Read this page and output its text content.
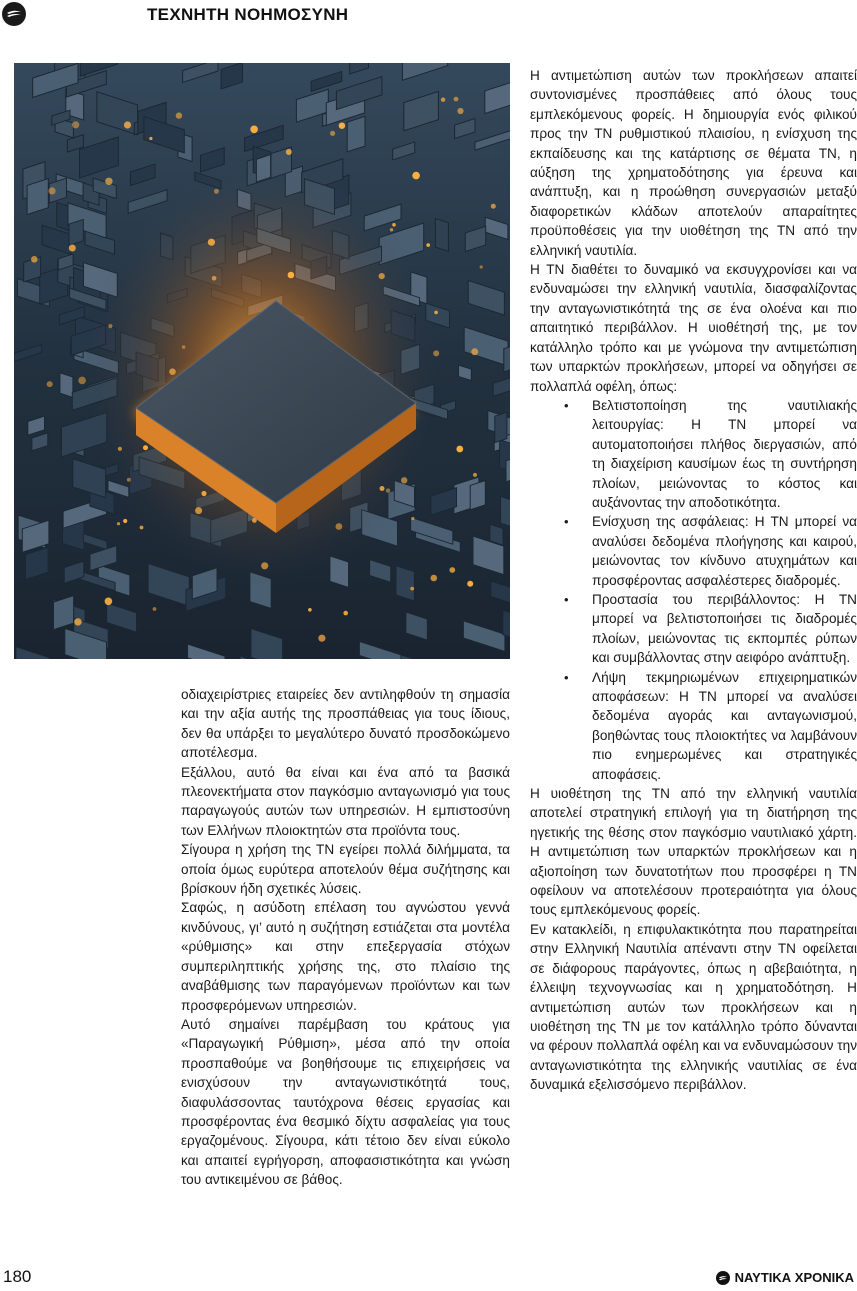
ΤΕΧΝΗΤΗ ΝΟΗΜΟΣΥΝΗ

οδιαχειρίστριες εταιρείες δεν αντιληφθούν τη σημασία και την αξία αυτής της προσπάθειας για τους ίδιους, δεν θα υπάρξει το μεγαλύτερο δυνατό προσδοκώμενο αποτέλεσμα.

Εξάλλου, αυτό θα είναι και ένα από τα βασικά πλεονεκτήματα στον παγκόσμιο ανταγωνισμό για τους παραγωγούς αυτών των υπηρεσιών. Η εμπιστοσύνη των Ελλήνων πλοιοκτητών στα προϊόντα τους.

Σίγουρα η χρήση της ΤΝ εγείρει πολλά διλήμματα, τα οποία όμως ευρύτερα αποτελούν θέμα συζήτησης και βρίσκουν ήδη σχετικές λύσεις.

Σαφώς, η ασύδοτη επέλαση του αγνώστου γεννά κινδύνους, γι’ αυτό η συζήτηση εστιάζεται στα μοντέλα «ρύθμισης» και στην επεξεργασία στόχων συμπεριληπτικής χρήσης της, στο πλαίσιο της αναβάθμισης των παραγόμενων προϊόντων και των προσφερόμενων υπηρεσιών.

Αυτό σημαίνει παρέμβαση του κράτους για «Παραγωγική Ρύθμιση», μέσα από την οποία προσπαθούμε να βοηθήσουμε τις επιχειρήσεις να ενισχύσουν την ανταγωνιστικότητά τους, διαφυλάσσοντας ταυτόχρονα θέσεις εργασίας και προσφέροντας ένα θεσμικό δίχτυ ασφαλείας για τους εργαζομένους. Σίγουρα, κάτι τέτοιο δεν είναι εύκολο και απαιτεί εγρήγορση, αποφασιστικότητα και γνώση του αντικειμένου σε βάθος.

Η αντιμετώπιση αυτών των προκλήσεων απαιτεί συντονισμένες προσπάθειες από όλους τους εμπλεκόμενους φορείς. Η δημιουργία ενός φιλικού προς την ΤΝ ρυθμιστικού πλαισίου, η ενίσχυση της εκπαίδευσης και της κατάρτισης σε θέματα ΤΝ, η αύξηση της χρηματοδότησης για έρευνα και ανάπτυξη, και η προώθηση συνεργασιών μεταξύ διαφορετικών κλάδων αποτελούν απαραίτητες προϋποθέσεις για την υιοθέτηση της ΤΝ από την ελληνική ναυτιλία.

Η ΤΝ διαθέτει το δυναμικό να εκσυγχρονίσει και να ενδυναμώσει την ελληνική ναυτιλία, διασφαλίζοντας την ανταγωνιστικότητά της σε ένα ολοένα και πιο απαιτητικό περιβάλλον. Η υιοθέτησή της, με τον κατάλληλο τρόπο και με γνώμονα την αντιμετώπιση των υπαρκτών προκλήσεων, μπορεί να οδηγήσει σε πολλαπλά οφέλη, όπως:

• Βελτιστοποίηση της ναυτιλιακής λειτουργίας: Η ΤΝ μπορεί να αυτοματοποιήσει πλήθος διεργασιών, από τη διαχείριση καυσίμων έως τη συντήρηση πλοίων, μειώνοντας το κόστος και αυξάνοντας την αποδοτικότητα.
• Ενίσχυση της ασφάλειας: Η ΤΝ μπορεί να αναλύσει δεδομένα πλοήγησης και καιρού, μειώνοντας τον κίνδυνο ατυχημάτων και προσφέροντας ασφαλέστερες διαδρομές.
• Προστασία του περιβάλλοντος: Η ΤΝ μπορεί να βελτιστοποιήσει τις διαδρομές πλοίων, μειώνοντας τις εκπομπές ρύπων και συμβάλλοντας στην αειφόρο ανάπτυξη.
• Λήψη τεκμηριωμένων επιχειρηματικών αποφάσεων: Η ΤΝ μπορεί να αναλύσει δεδομένα αγοράς και ανταγωνισμού, βοηθώντας τους πλοιοκτήτες να λαμβάνουν πιο ενημερωμένες και στρατηγικές αποφάσεις.

Η υιοθέτηση της ΤΝ από την ελληνική ναυτιλία αποτελεί στρατηγική επιλογή για τη διατήρηση της ηγετικής της θέσης στον παγκόσμιο ναυτιλιακό χάρτη. Η αντιμετώπιση των υπαρκτών προκλήσεων και η αξιοποίηση των δυνατοτήτων που προσφέρει η ΤΝ οφείλουν να αποτελέσουν προτεραιότητα για όλους τους εμπλεκόμενους φορείς.

Εν κατακλείδι, η επιφυλακτικότητα που παρατηρείται στην Ελληνική Ναυτιλία απέναντι στην ΤΝ οφείλεται σε διάφορους παράγοντες, όπως η αβεβαιότητα, η έλλειψη τεχνογνωσίας και η χρηματοδότηση. Η αντιμετώπιση αυτών των προκλήσεων και η υιοθέτηση της ΤΝ με τον κατάλληλο τρόπο δύνανται να φέρουν πολλαπλά οφέλη και να ενδυναμώσουν την ανταγωνιστικότητα της ελληνικής ναυτιλίας σε ένα δυναμικά εξελισσόμενο περιβάλλον.

180	ΝΑΥΤΙΚΑ ΧΡΟΝΙΚΑ
